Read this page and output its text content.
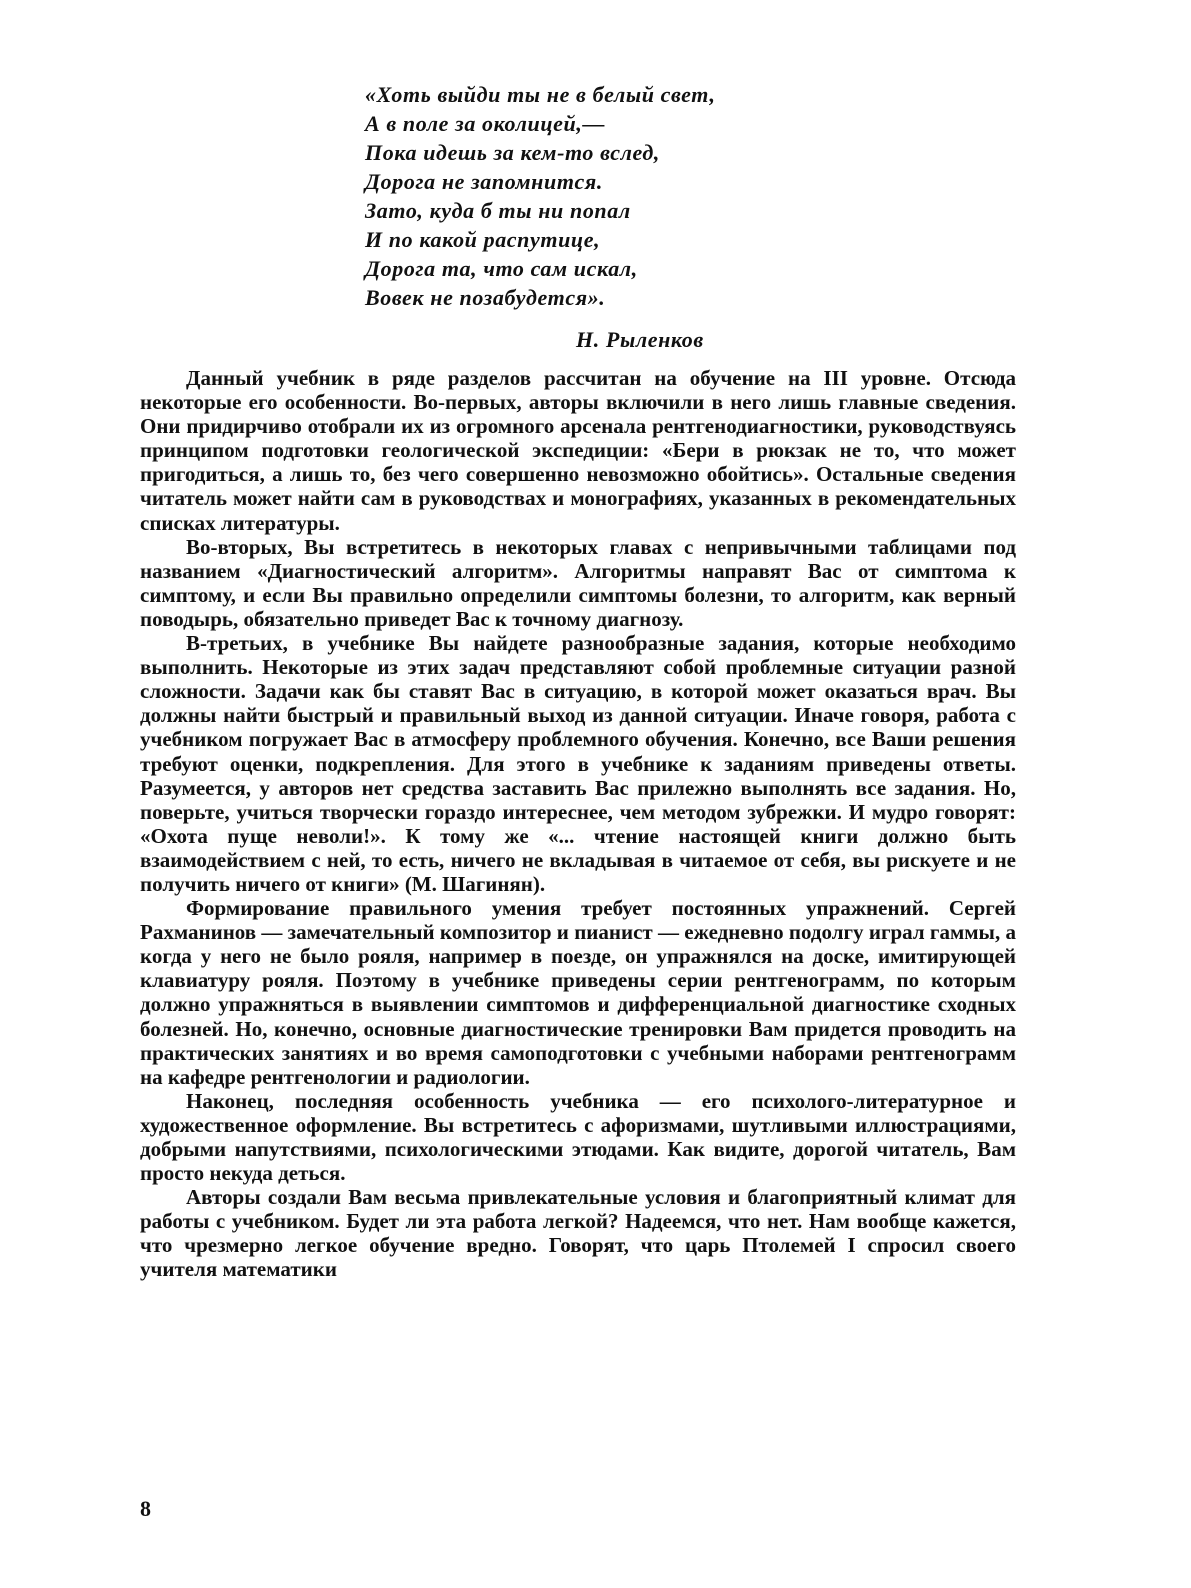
«Хоть выйди ты не в белый свет,
А в поле за околицей,—
Пока идешь за кем-то вслед,
Дорога не запомнится.
Зато, куда б ты ни попал
И по какой распутице,
Дорога та, что сам искал,
Вовек не позабудется».
Н. Рыленков

Данный учебник в ряде разделов рассчитан на обучение на III уровне. Отсюда некоторые его особенности. Во-первых, авторы включили в него лишь главные сведения. Они придирчиво отобрали их из огромного арсенала рентгенодиагностики, руководствуясь принципом подготовки геологической экспедиции: «Бери в рюкзак не то, что может пригодиться, а лишь то, без чего совершенно невозможно обойтись». Остальные сведения читатель может найти сам в руководствах и монографиях, указанных в рекомендательных списках литературы.

Во-вторых, Вы встретитесь в некоторых главах с непривычными таблицами под названием «Диагностический алгоритм». Алгоритмы направят Вас от симптома к симптому, и если Вы правильно определили симптомы болезни, то алгоритм, как верный поводырь, обязательно приведет Вас к точному диагнозу.

В-третьих, в учебнике Вы найдете разнообразные задания, которые необходимо выполнить. Некоторые из этих задач представляют собой проблемные ситуации разной сложности. Задачи как бы ставят Вас в ситуацию, в которой может оказаться врач. Вы должны найти быстрый и правильный выход из данной ситуации. Иначе говоря, работа с учебником погружает Вас в атмосферу проблемного обучения. Конечно, все Ваши решения требуют оценки, подкрепления. Для этого в учебнике к заданиям приведены ответы. Разумеется, у авторов нет средства заставить Вас прилежно выполнять все задания. Но, поверьте, учиться творчески гораздо интереснее, чем методом зубрежки. И мудро говорят: «Охота пуще неволи!». К тому же «... чтение настоящей книги должно быть взаимодействием с ней, то есть, ничего не вкладывая в читаемое от себя, вы рискуете и не получить ничего от книги» (М. Шагинян).

Формирование правильного умения требует постоянных упражнений. Сергей Рахманинов — замечательный композитор и пианист — ежедневно подолгу играл гаммы, а когда у него не было рояля, например в поезде, он упражнялся на доске, имитирующей клавиатуру рояля. Поэтому в учебнике приведены серии рентгенограмм, по которым должно упражняться в выявлении симптомов и дифференциальной диагностике сходных болезней. Но, конечно, основные диагностические тренировки Вам придется проводить на практических занятиях и во время самоподготовки с учебными наборами рентгенограмм на кафедре рентгенологии и радиологии.

Наконец, последняя особенность учебника — его психолого-литературное и художественное оформление. Вы встретитесь с афоризмами, шутливыми иллюстрациями, добрыми напутствиями, психологическими этюдами. Как видите, дорогой читатель, Вам просто некуда деться.

Авторы создали Вам весьма привлекательные условия и благоприятный климат для работы с учебником. Будет ли эта работа легкой? Надеемся, что нет. Нам вообще кажется, что чрезмерно легкое обучение вредно. Говорят, что царь Птолемей I спросил своего учителя математики

8
